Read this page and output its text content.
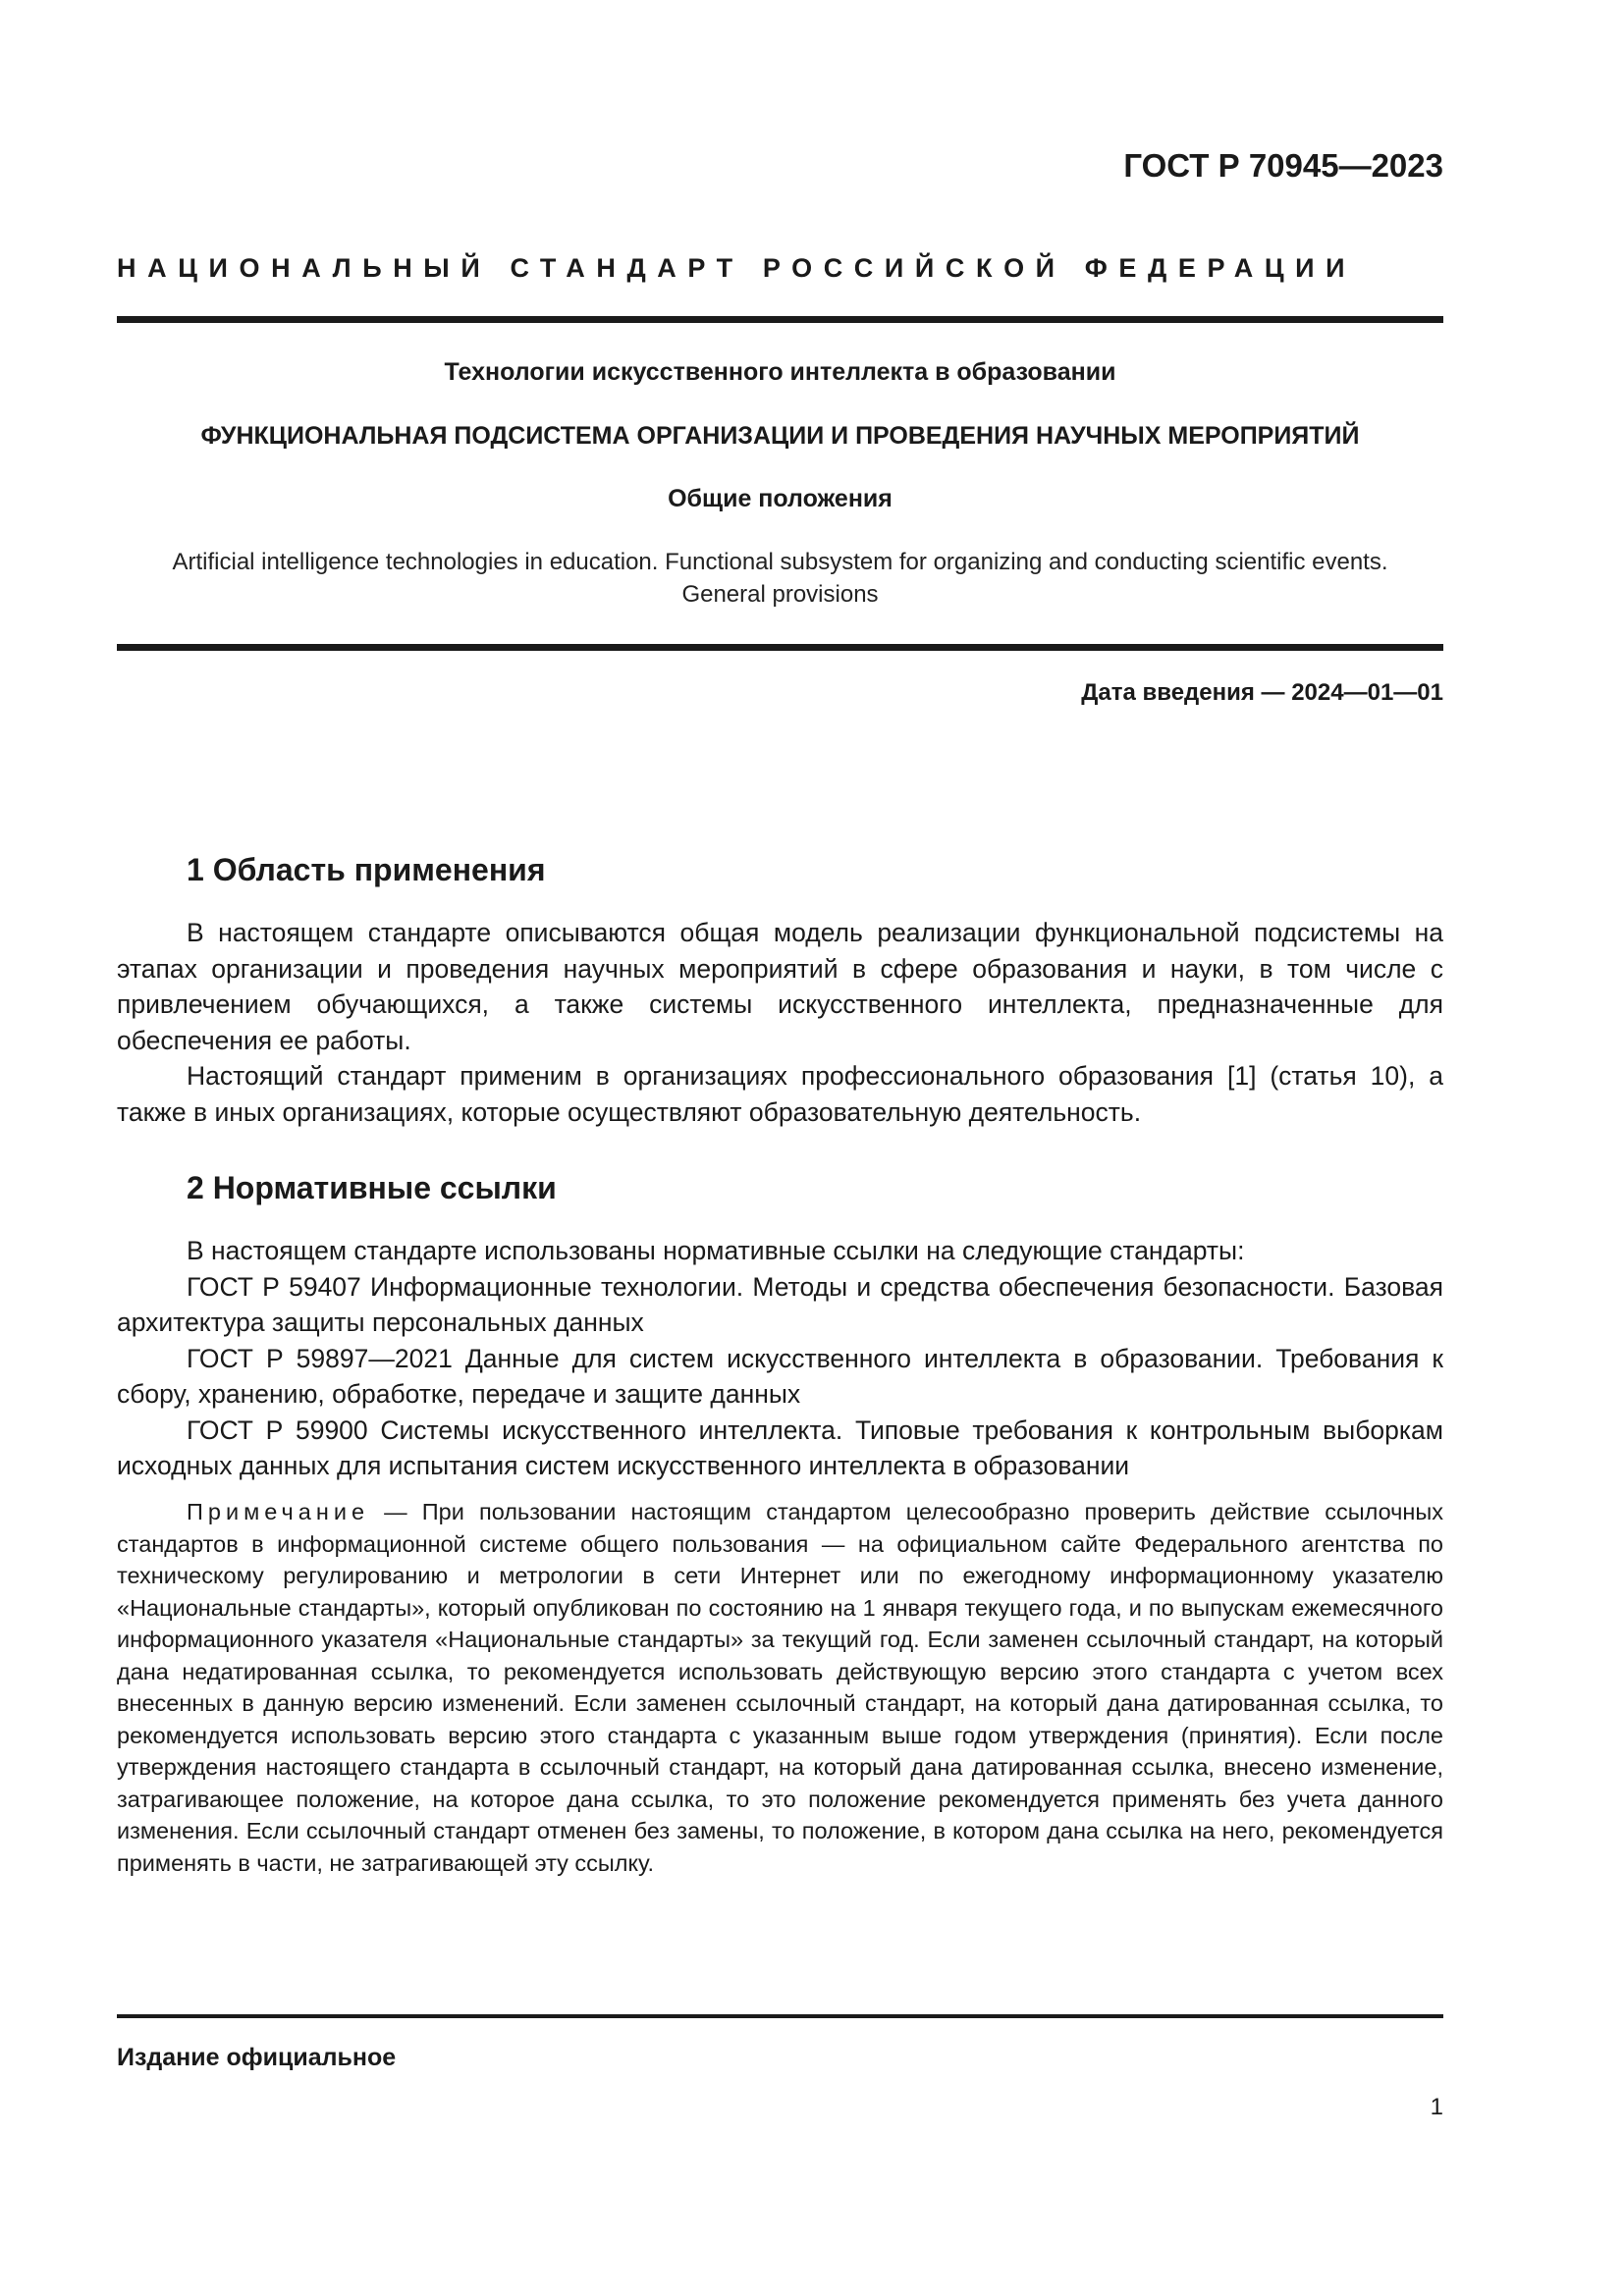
ГОСТ Р 70945—2023
НАЦИОНАЛЬНЫЙ СТАНДАРТ РОССИЙСКОЙ ФЕДЕРАЦИИ
Технологии искусственного интеллекта в образовании
ФУНКЦИОНАЛЬНАЯ ПОДСИСТЕМА ОРГАНИЗАЦИИ И ПРОВЕДЕНИЯ НАУЧНЫХ МЕРОПРИЯТИЙ
Общие положения
Artificial intelligence technologies in education. Functional subsystem for organizing and conducting scientific events.
General provisions
Дата введения — 2024—01—01
1 Область применения

В настоящем стандарте описываются общая модель реализации функциональной подсистемы на этапах организации и проведения научных мероприятий в сфере образования и науки, в том числе с привлечением обучающихся, а также системы искусственного интеллекта, предназначенные для обеспечения ее работы.

Настоящий стандарт применим в организациях профессионального образования [1] (статья 10), а также в иных организациях, которые осуществляют образовательную деятельность.

2 Нормативные ссылки

В настоящем стандарте использованы нормативные ссылки на следующие стандарты:

ГОСТ Р 59407 Информационные технологии. Методы и средства обеспечения безопасности. Базовая архитектура защиты персональных данных

ГОСТ Р 59897—2021 Данные для систем искусственного интеллекта в образовании. Требования к сбору, хранению, обработке, передаче и защите данных

ГОСТ Р 59900 Системы искусственного интеллекта. Типовые требования к контрольным выборкам исходных данных для испытания систем искусственного интеллекта в образовании

Примечание — При пользовании настоящим стандартом целесообразно проверить действие ссылочных стандартов в информационной системе общего пользования — на официальном сайте Федерального агентства по техническому регулированию и метрологии в сети Интернет или по ежегодному информационному указателю «Национальные стандарты», который опубликован по состоянию на 1 января текущего года, и по выпускам ежемесячного информационного указателя «Национальные стандарты» за текущий год. Если заменен ссылочный стандарт, на который дана недатированная ссылка, то рекомендуется использовать действующую версию этого стандарта с учетом всех внесенных в данную версию изменений. Если заменен ссылочный стандарт, на который дана датированная ссылка, то рекомендуется использовать версию этого стандарта с указанным выше годом утверждения (принятия). Если после утверждения настоящего стандарта в ссылочный стандарт, на который дана датированная ссылка, внесено изменение, затрагивающее положение, на которое дана ссылка, то это положение рекомендуется применять без учета данного изменения. Если ссылочный стандарт отменен без замены, то положение, в котором дана ссылка на него, рекомендуется применять в части, не затрагивающей эту ссылку.

Издание официальное
1
